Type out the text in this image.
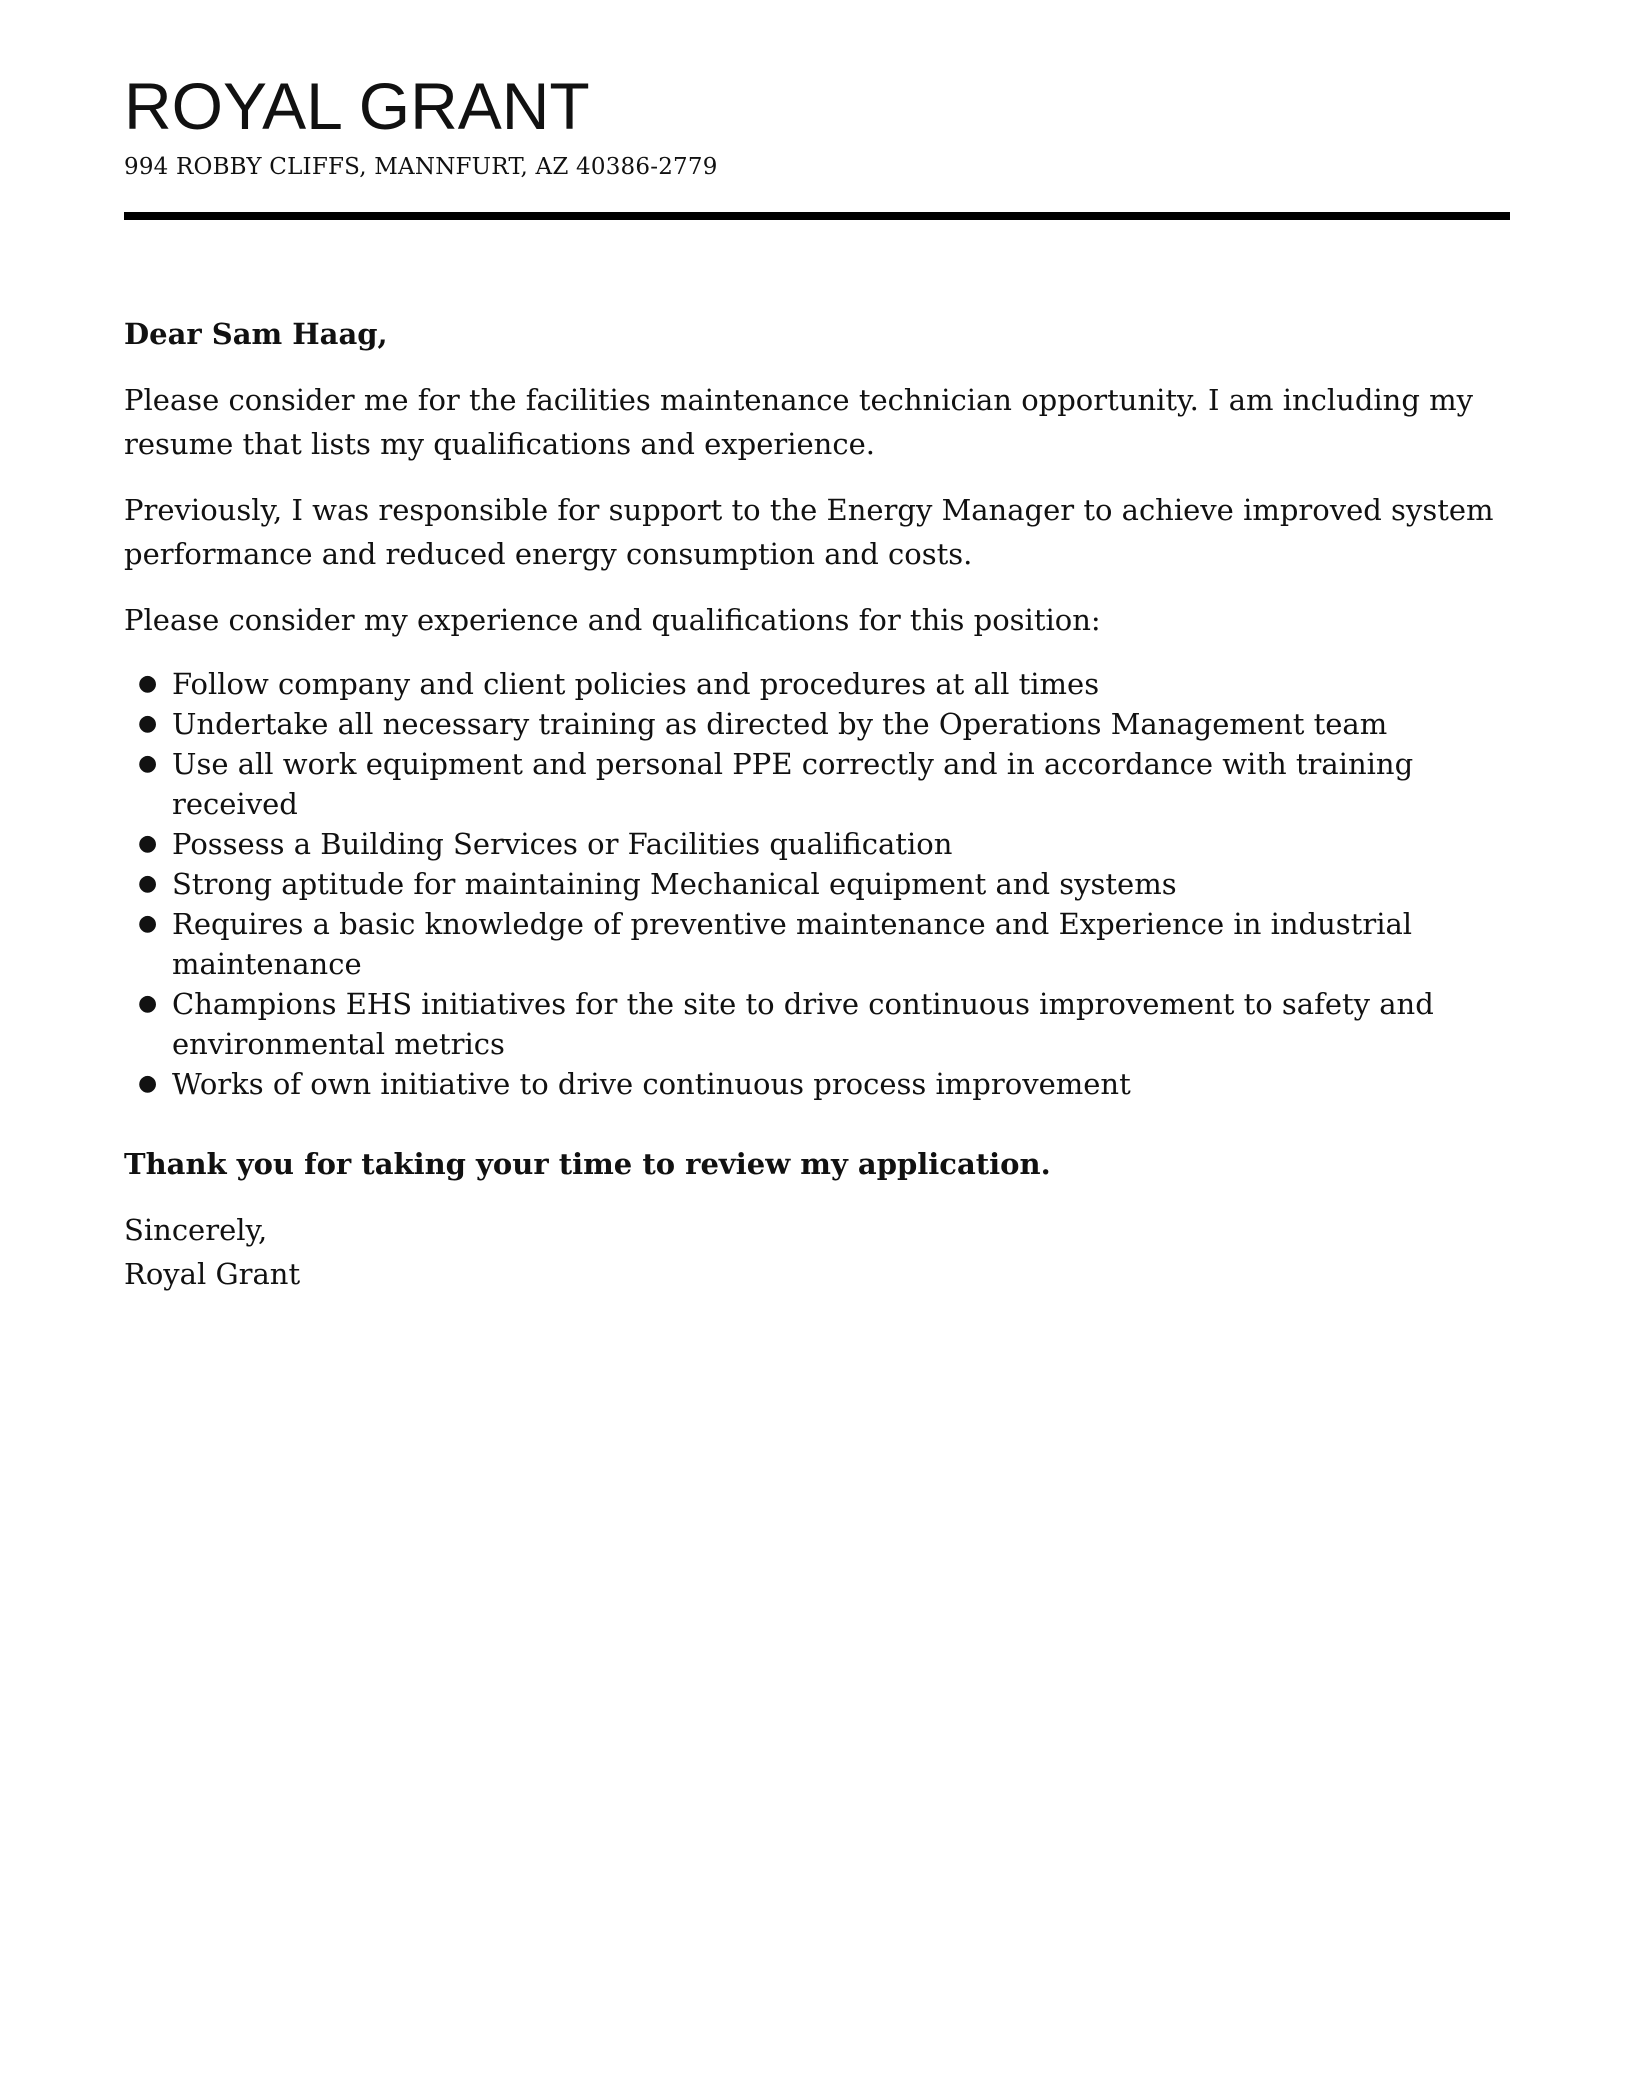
ROYAL GRANT
994 ROBBY CLIFFS, MANNFURT, AZ 40386-2779

Dear Sam Haag,

Please consider me for the facilities maintenance technician opportunity. I am including my resume that lists my qualifications and experience.

Previously, I was responsible for support to the Energy Manager to achieve improved system performance and reduced energy consumption and costs.

Please consider my experience and qualifications for this position:

● Follow company and client policies and procedures at all times
● Undertake all necessary training as directed by the Operations Management team
● Use all work equipment and personal PPE correctly and in accordance with training received
● Possess a Building Services or Facilities qualification
● Strong aptitude for maintaining Mechanical equipment and systems
● Requires a basic knowledge of preventive maintenance and Experience in industrial maintenance
● Champions EHS initiatives for the site to drive continuous improvement to safety and environmental metrics
● Works of own initiative to drive continuous process improvement

Thank you for taking your time to review my application.

Sincerely,

Royal Grant
